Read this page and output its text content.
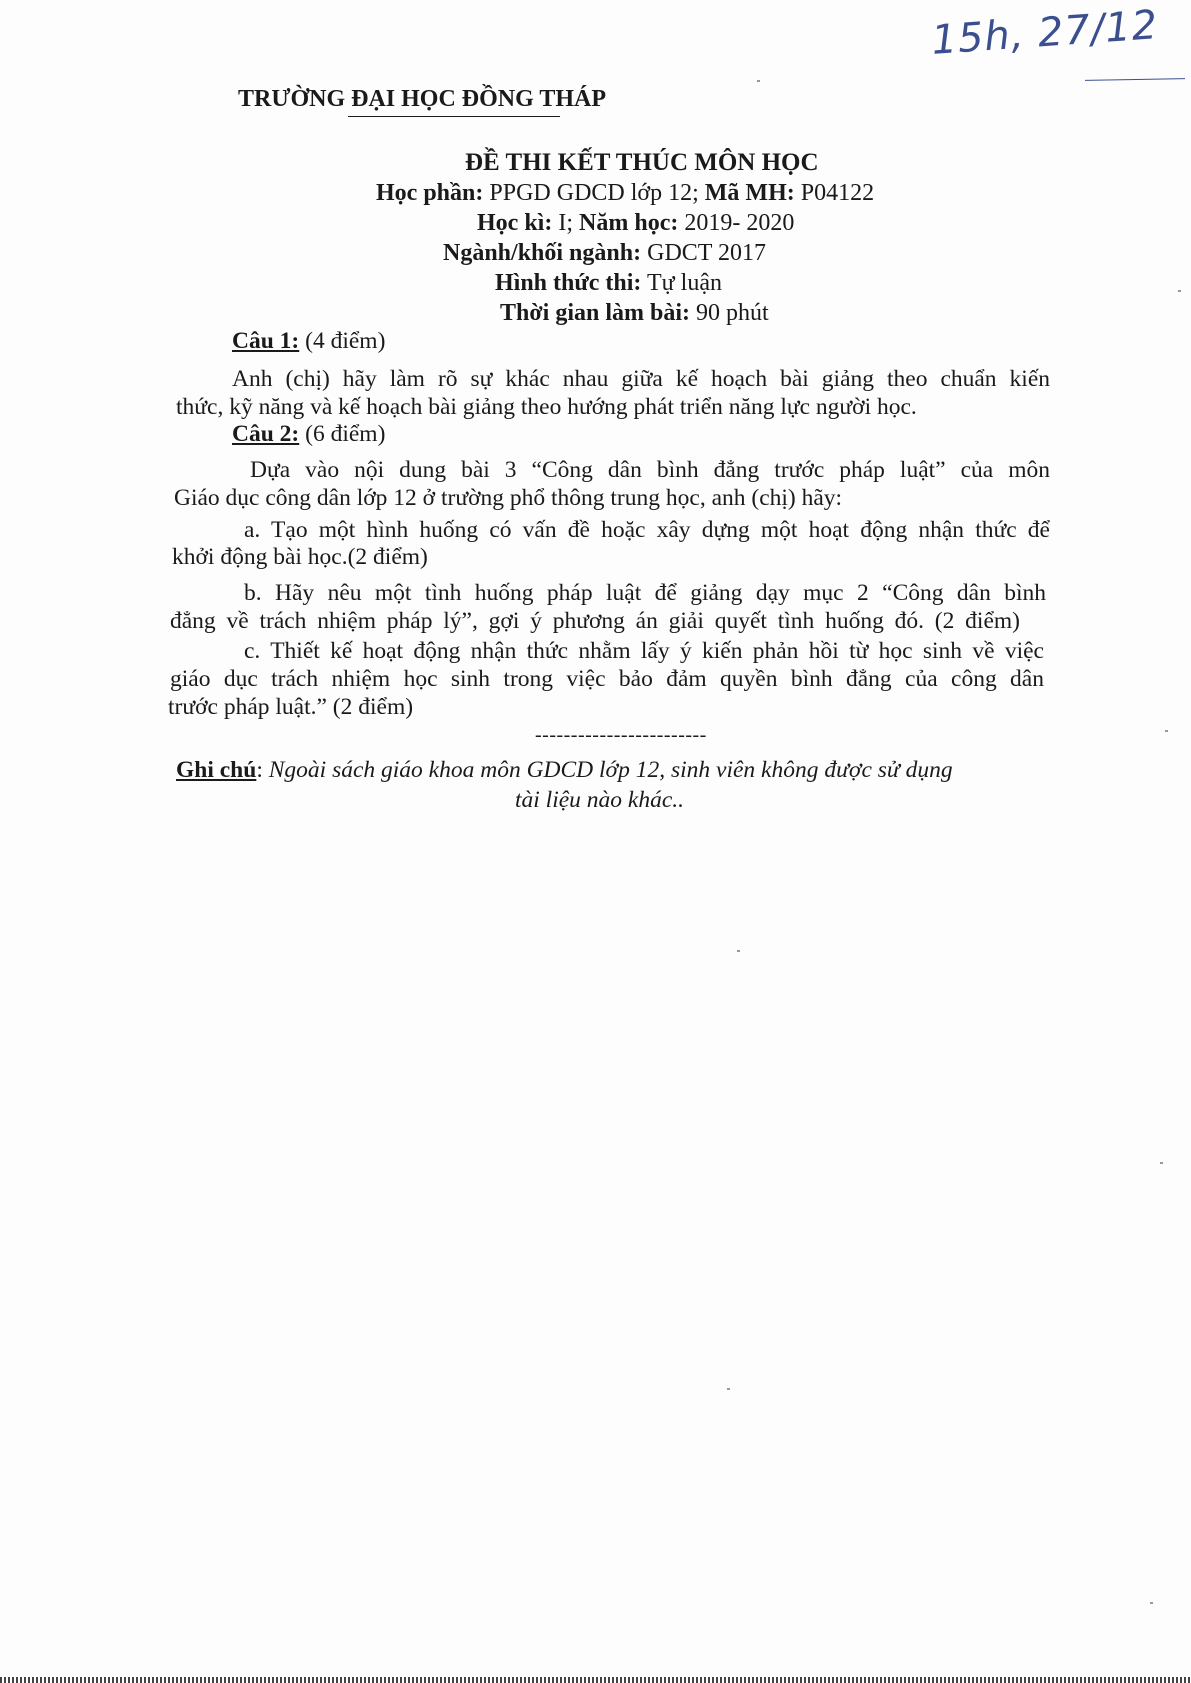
15h, 27/12
TRƯỜNG ĐẠI HỌC ĐỒNG THÁP
ĐỀ THI KẾT THÚC MÔN HỌC
Học phần: PPGD GDCD lớp 12; Mã MH: P04122
Học kì: I; Năm học: 2019- 2020
Ngành/khối ngành: GDCT 2017
Hình thức thi: Tự luận
Thời gian làm bài: 90 phút
Câu 1: (4 điểm)
Anh (chị) hãy làm rõ sự khác nhau giữa kế hoạch bài giảng theo chuẩn kiến
thức, kỹ năng và kế hoạch bài giảng theo hướng phát triển năng lực người học.
Câu 2: (6 điểm)
Dựa vào nội dung bài 3 “Công dân bình đẳng trước pháp luật” của môn
Giáo dục công dân lớp 12 ở trường phổ thông trung học, anh (chị) hãy:
a. Tạo một hình huống có vấn đề hoặc xây dựng một hoạt động nhận thức để
khởi động bài học.(2 điểm)
b. Hãy nêu một tình huống pháp luật để giảng dạy mục 2 “Công dân bình
đẳng về trách nhiệm pháp lý”, gợi ý phương án giải quyết tình huống đó. (2 điểm)
c. Thiết kế hoạt động nhận thức nhằm lấy ý kiến phản hồi từ học sinh về việc
giáo dục trách nhiệm học sinh trong việc bảo đảm quyền bình đẳng của công dân
trước pháp luật.” (2 điểm)
------------------------
Ghi chú: Ngoài sách giáo khoa môn GDCD lớp 12, sinh viên không được sử dụng
tài liệu nào khác..
